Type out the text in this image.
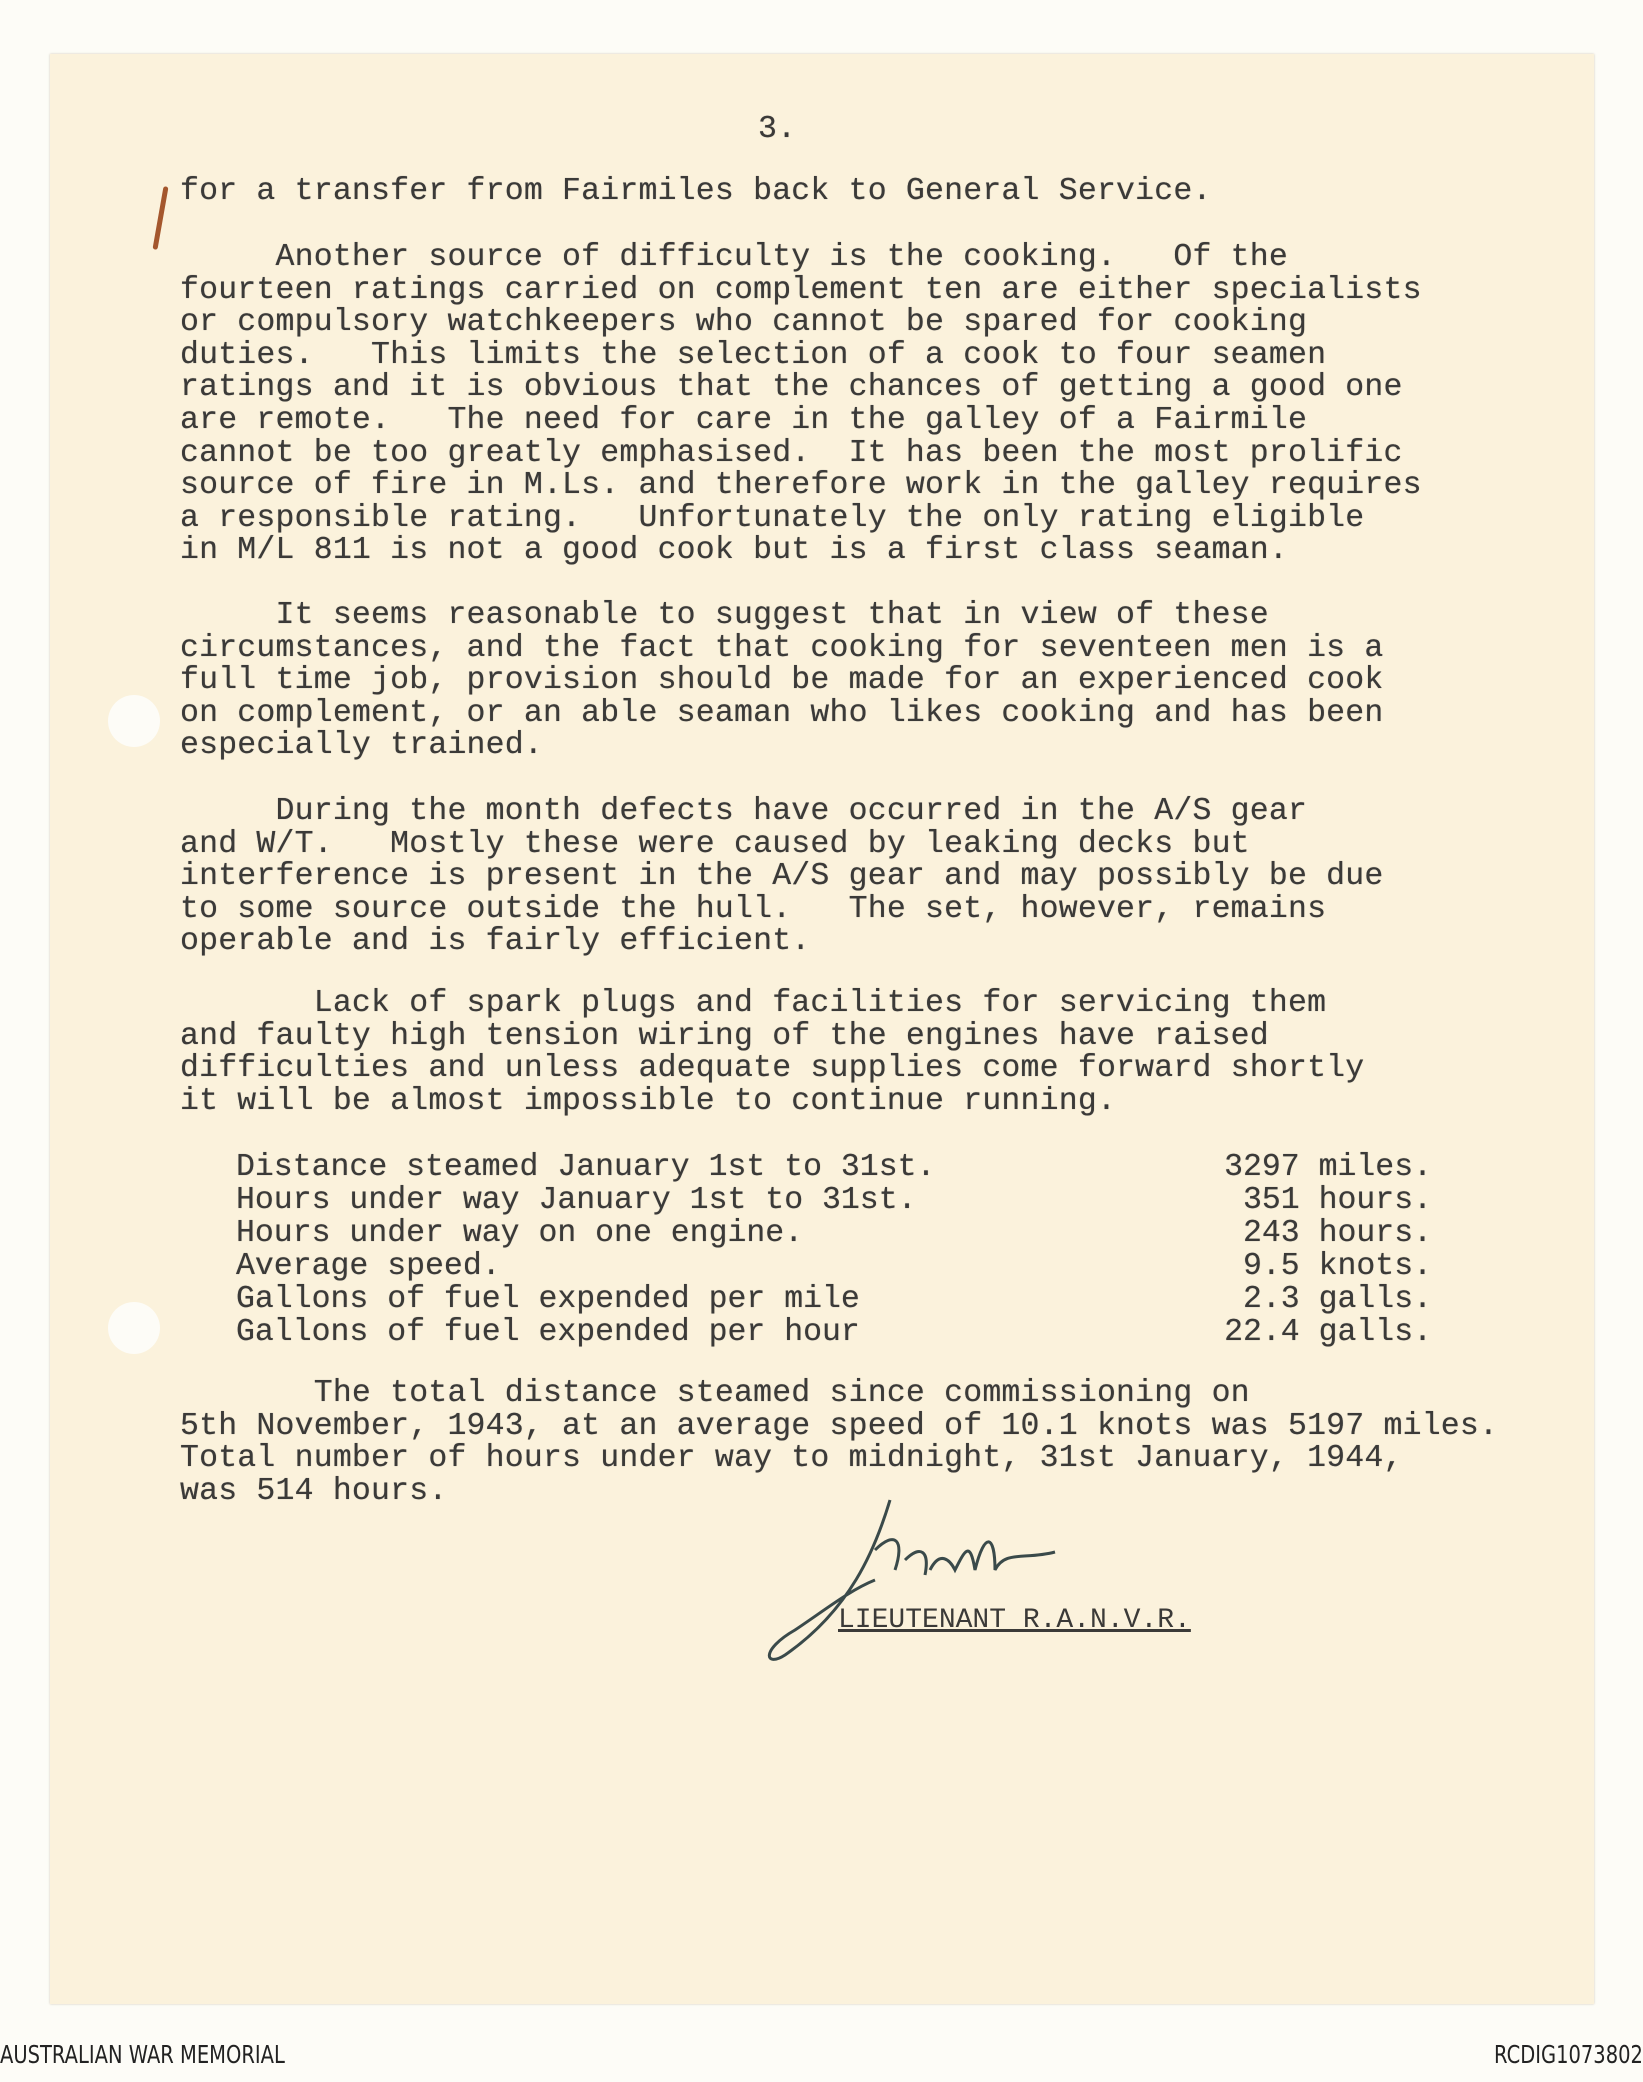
3.
for a transfer from Fairmiles back to General Service.
Another source of difficulty is the cooking.   Of the
fourteen ratings carried on complement ten are either specialists
or compulsory watchkeepers who cannot be spared for cooking
duties.   This limits the selection of a cook to four seamen
ratings and it is obvious that the chances of getting a good one
are remote.   The need for care in the galley of a Fairmile
cannot be too greatly emphasised.  It has been the most prolific
source of fire in M.Ls. and therefore work in the galley requires
a responsible rating.   Unfortunately the only rating eligible
in M/L 811 is not a good cook but is a first class seaman.
It seems reasonable to suggest that in view of these
circumstances, and the fact that cooking for seventeen men is a
full time job, provision should be made for an experienced cook
on complement, or an able seaman who likes cooking and has been
especially trained.
During the month defects have occurred in the A/S gear
and W/T.   Mostly these were caused by leaking decks but
interference is present in the A/S gear and may possibly be due
to some source outside the hull.   The set, however, remains
operable and is fairly efficient.
Lack of spark plugs and facilities for servicing them
and faulty high tension wiring of the engines have raised
difficulties and unless adequate supplies come forward shortly
it will be almost impossible to continue running.
Distance steamed January 1st to 31st.	3297 miles.
Hours under way January 1st to 31st.	351 hours.
Hours under way on one engine.	243 hours.
Average speed.	9.5 knots.
Gallons of fuel expended per mile	2.3 galls.
Gallons of fuel expended per hour	22.4 galls.
The total distance steamed since commissioning on
5th November, 1943, at an average speed of 10.1 knots was 5197 miles.
Total number of hours under way to midnight, 31st January, 1944,
was 514 hours.
LIEUTENANT R.A.N.V.R.
AUSTRALIAN WAR MEMORIAL	RCDIG1073802
